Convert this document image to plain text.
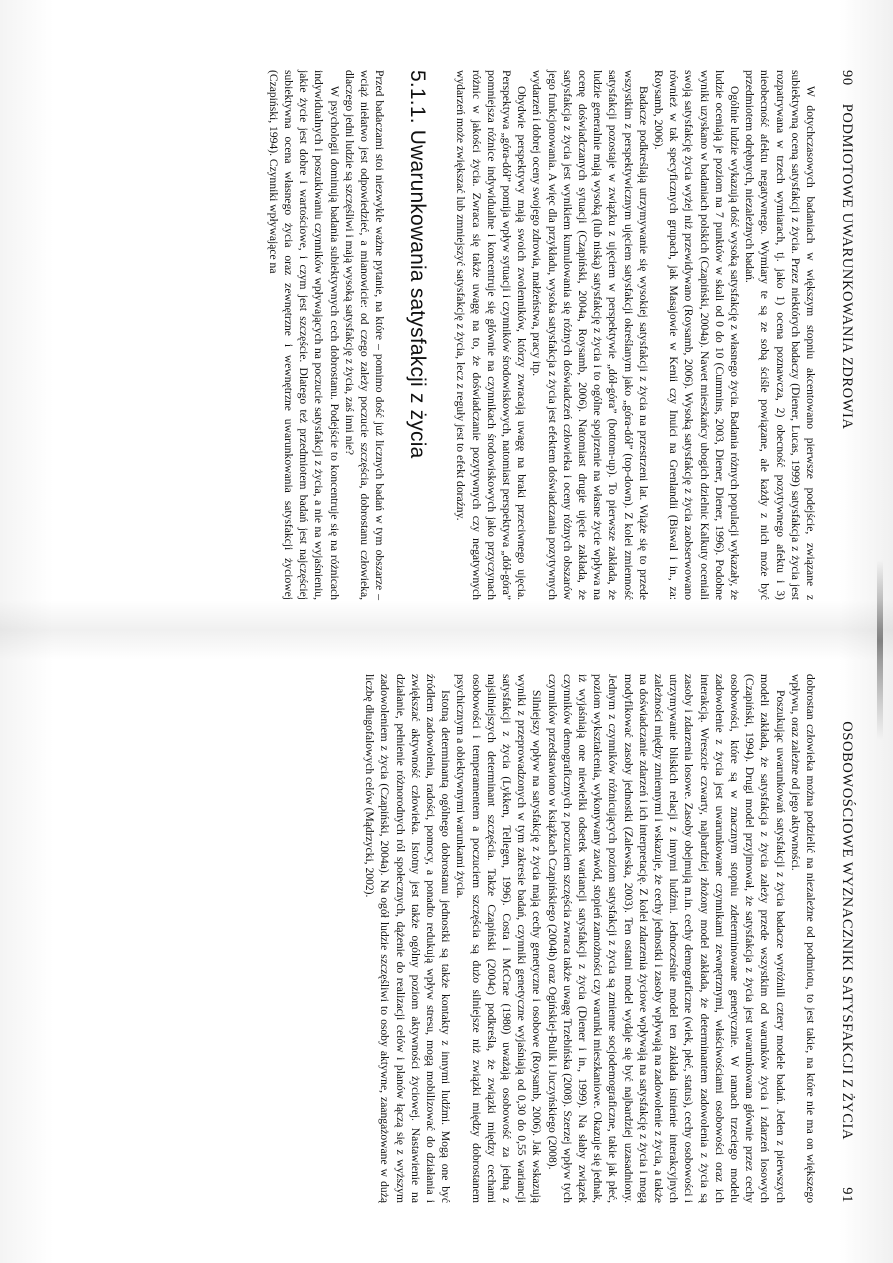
90
PODMIOTOWE UWARUNKOWANIA ZDROWIA

W dotychczasowych badaniach w większym stopniu akcentowano pierwsze podejście, związane z subiektywną oceną satysfakcji z życia. Przez niektórych badaczy (Diener, Lucas, 1999) satysfakcja z życia jest rozpatrywana w trzech wymiarach, tj. jako 1) ocena poznawcza, 2) obecność pozytywnego afektu i 3) nieobecność afektu negatywnego. Wymiary te są ze sobą ściśle powiązane, ale każdy z nich może być przedmiotem odrębnych, niezależnych badań.

Ogólnie ludzie wykazują dość wysoką satysfakcję z własnego życia. Badania różnych populacji wykazały, że ludzie oceniają je poziom na 7 punktów w skali od 0 do 10 (Cummins, 2003, Diener, Diener, 1996). Podobne wyniki uzyskano w badaniach polskich (Czapiński, 2004a). Nawet mieszkańcy ubogich dzielnic Kalkuty oceniali swoją satysfakcję życia wyżej niż przewidywano (Roysamb, 2006). Wysoką satysfakcję z życia zaobserwowano również w tak specyficznych grupach, jak Masajowie w Kenii czy Inuici na Grenlandii (Biswal i in., za: Roysamb, 2006).

Badacze podkreślają utrzymywanie się wysokiej satysfakcji z życia na przestrzeni lat. Wiąże się to przede wszystkim z perspektywicznym ujęciem satysfakcji określanym jako „góra-dół” (top-down). Z kolei zmienność satysfakcji pozostaje w związku z ujęciem w perspektywie „dół-góra” (bottom-up). To pierwsze zakłada, że ludzie generalnie mają wysoką (lub niską) satysfakcję z życia i to ogólne spojrzenie na własne życie wpływa na ocenę doświadczanych sytuacji (Czapiński, 2004a, Roysamb, 2006). Natomiast drugie ujęcie zakłada, że satysfakcja z życia jest wynikiem kumulowania się różnych doświadczeń człowieka i oceny różnych obszarów jego funkcjonowania. A więc dla przykładu, wysoka satysfakcja z życia jest efektem doświadczania pozytywnych wydarzeń i dobrej oceny swojego zdrowia, małżeństwa, pracy itp.

Obydwie perspektywy mają swoich zwolenników, którzy zwracają uwagę na braki przeciwnego ujęcia. Perspektywa „góra-dół” pomija wpływ sytuacji i czynników środowiskowych, natomiast perspektywa „dół-góra” pomniejsza różnice indywidualne i koncentruje się głównie na czynnikach środowiskowych jako przyczynach różnic w jakości życia. Zwraca się także uwagę na to, że doświadczanie pozytywnych czy negatywnych wydarzeń może zwiększać lub zmniejszyć satysfakcję z życia, lecz z reguły jest to efekt doraźny.

5.1.1. Uwarunkowania satysfakcji z życia

Przed badaczami stoi niezwykle ważne pytanie, na które – pomimo dość już licznych badań w tym obszarze – wciąż niełatwo jest odpowiedzieć, a mianowicie: od czego zależy poczucie szczęścia, dobrostanu człowieka, dlaczego jedni ludzie są szczęśliwi i mają wysoką satysfakcję z życia, zaś inni nie?

W psychologii dominują badania subiektywnych cech dobrostanu. Podejście to koncentruje się na różnicach indywidualnych i poszukiwaniu czynników wpływających na poczucie satysfakcji z życia, a nie na wyjaśnieniu, jakie życie jest dobre i wartościowe, i czym jest szczęście. Dlatego też przedmiotem badań jest najczęściej subiektywna ocena własnego życia oraz zewnętrzne i wewnętrzne uwarunkowania satysfakcji życiowej (Czapiński, 1994). Czynniki wpływające na

OSOBOWOŚCIOWE WYZNACZNIKI SATYSFAKCJI Z ŻYCIA
91

dobrostan człowieka można podzielić na niezależne od podmiotu, to jest takie, na które nie ma on większego wpływu, oraz zależne od jego aktywności.

Poszukując uwarunkowań satysfakcji z życia badacze wyróżnili cztery modele badań. Jeden z pierwszych modeli zakłada, że satysfakcja z życia zależy przede wszystkim od warunków życia i zdarzeń losowych (Czapiński, 1994). Drugi model przyjmował, że satysfakcja z życia jest uwarunkowana głównie przez cechy osobowości, które są w znacznym stopniu zdeterminowane genetycznie. W ramach trzeciego modelu zadowolenie z życia jest uwarunkowane czynnikami zewnętrznymi, właściwościami osobowości oraz ich interakcją. Wreszcie czwarty, najbardziej złożony model zakłada, że determinantem zadowolenia z życia są zasoby i zdarzenia losowe. Zasoby obejmują m.in. cechy demograficzne (wiek, płeć, status), cechy osobowości i utrzymywanie bliskich relacji z innymi ludźmi. Jednocześnie model ten zakłada istnienie interakcyjnych zależności między zmiennymi i wskazuje, że cechy jednostki i zasoby wpływają na zadowolenie z życia, a także na doświadczanie zdarzeń i ich interpretację. Z kolei zdarzenia życiowe wpływają na satysfakcję z życia i mogą modyfikować zasoby jednostki (Zalewska, 2003). Ten ostatni model wydaje się być najbardziej uzasadniony. Jednym z czynników różnicujących poziom satysfakcji z życia są zmienne socjodemograficzne, takie jak płeć, poziom wykształcenia, wykonywany zawód, stopień zamożności czy warunki mieszkaniowe. Okazuje się jednak, iż wyjaśniają one niewielki odsetek wariancji satysfakcji z życia (Diener i in., 1999). Na słaby związek czynników demograficznych z poczuciem szczęścia zwraca także uwagę Trzebińska (2008). Szerzej wpływ tych czynników przedstawiono w książkach Czapińskiego (2004b) oraz Ogińskiej-Bulik i Juczyńskiego (2008).

Silniejszy wpływ na satysfakcję z życia mają cechy genetyczne i osobowe (Roysamb, 2006). Jak wskazują wyniki z przeprowadzonych w tym zakresie badań, czynniki genetyczne wyjaśniają od 0,30 do 0,55 wariancji satysfakcji z życia (Lykken, Tellegen, 1996). Costa i McCrae (1980) uważają osobowość za jedną z najsilniejszych determinant szczęścia. Także Czapiński (2004c) podkreśla, że związki między cechami osobowości i temperamentem a poczuciem szczęścia są dużo silniejsze niż związki między dobrostanem psychicznym a obiektywnymi warunkami życia.

Istotną determinantą ogólnego dobrostanu jednostki są także kontakty z innymi ludźmi. Mogą one być źródłem zadowolenia, radości, pomocy, a ponadto redukują wpływ stresu, mogą mobilizować do działania i zwiększać aktywność człowieka. Istotny jest także ogólny poziom aktywności życiowej. Nastawienie na działanie, pełnienie różnorodnych ról społecznych, dążenie do realizacji celów i planów łączą się z wyższym zadowoleniem z życia (Czapiński, 2004a). Na ogół ludzie szczęśliwi to osoby aktywne, zaangażowane w dużą liczbę długofalowych celów (Mądrzycki, 2002).
